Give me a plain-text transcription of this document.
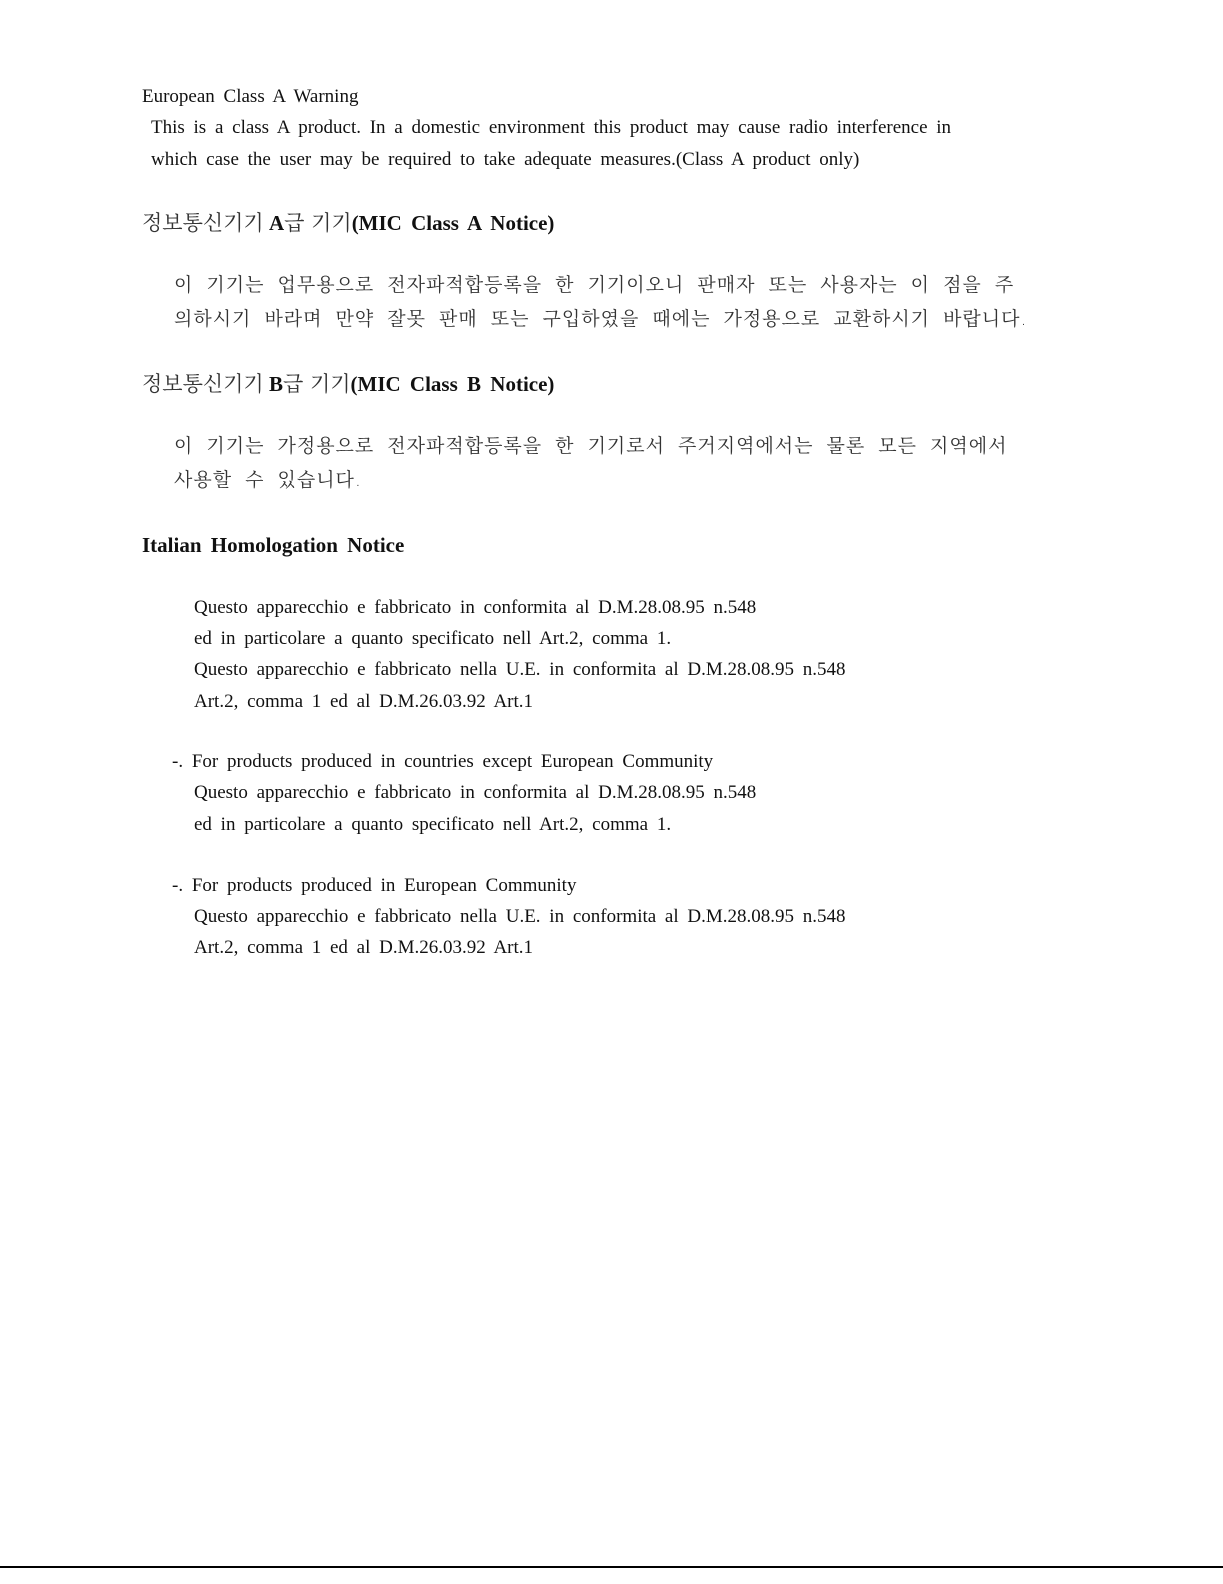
European Class A Warning
This is a class A product. In a domestic environment this product may cause radio interference in
which case the user may be required to take adequate measures.(Class A product only)
정보통신기기 A급 기기(MIC Class A Notice)
이 기기는 업무용으로 전자파적합등록을 한 기기이오니 판매자 또는 사용자는 이 점을 주
의하시기 바라며 만약 잘못 판매 또는 구입하였을 때에는 가정용으로 교환하시기 바랍니다.
정보통신기기 B급 기기(MIC Class B Notice)
이 기기는 가정용으로 전자파적합등록을 한 기기로서 주거지역에서는 물론 모든 지역에서
사용할 수 있습니다.
Italian Homologation Notice
Questo apparecchio e fabbricato in conformita al D.M.28.08.95 n.548
ed in particolare a quanto specificato nell Art.2, comma 1.
Questo apparecchio e fabbricato nella U.E. in conformita al D.M.28.08.95 n.548
Art.2, comma 1 ed al D.M.26.03.92 Art.1
-. For products produced in countries except European Community
Questo apparecchio e fabbricato in conformita al D.M.28.08.95 n.548
ed in particolare a quanto specificato nell Art.2, comma 1.
-. For products produced in European Community
Questo apparecchio e fabbricato nella U.E. in conformita al D.M.28.08.95 n.548
Art.2, comma 1 ed al D.M.26.03.92 Art.1
